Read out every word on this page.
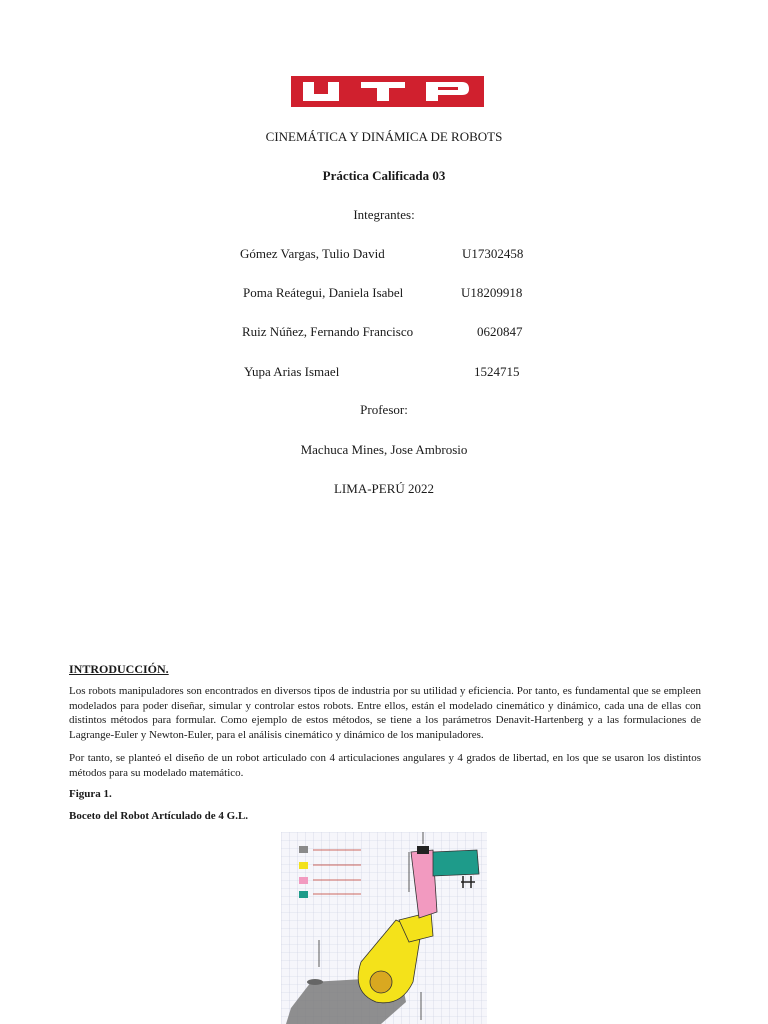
CINEMÁTICA Y DINÁMICA DE ROBOTS
Práctica Calificada 03
Integrantes:
Gómez Vargas, Tulio David	U17302458
Poma Reátegui, Daniela Isabel	U18209918
Ruiz Núñez, Fernando Francisco	0620847
Yupa Arias Ismael	1524715
Profesor:
Machuca Mines, Jose Ambrosio
LIMA-PERÚ 2022
INTRODUCCIÓN.
Los robots manipuladores son encontrados en diversos tipos de industria por su utilidad y eficiencia. Por tanto, es fundamental que se empleen modelados para poder diseñar, simular y controlar estos robots. Entre ellos, están el modelado cinemático y dinámico, cada una de ellas con distintos métodos para formular. Como ejemplo de estos métodos, se tiene a los parámetros Denavit-Hartenberg y a las formulaciones de Lagrange-Euler y Newton-Euler, para el análisis cinemático y dinámico de los manipuladores.
Por tanto, se planteó el diseño de un robot articulado con 4 articulaciones angulares y 4 grados de libertad, en los que se usaron los distintos métodos para su modelado matemático.
Figura 1.
Boceto del Robot Artículado de 4 G.L.
